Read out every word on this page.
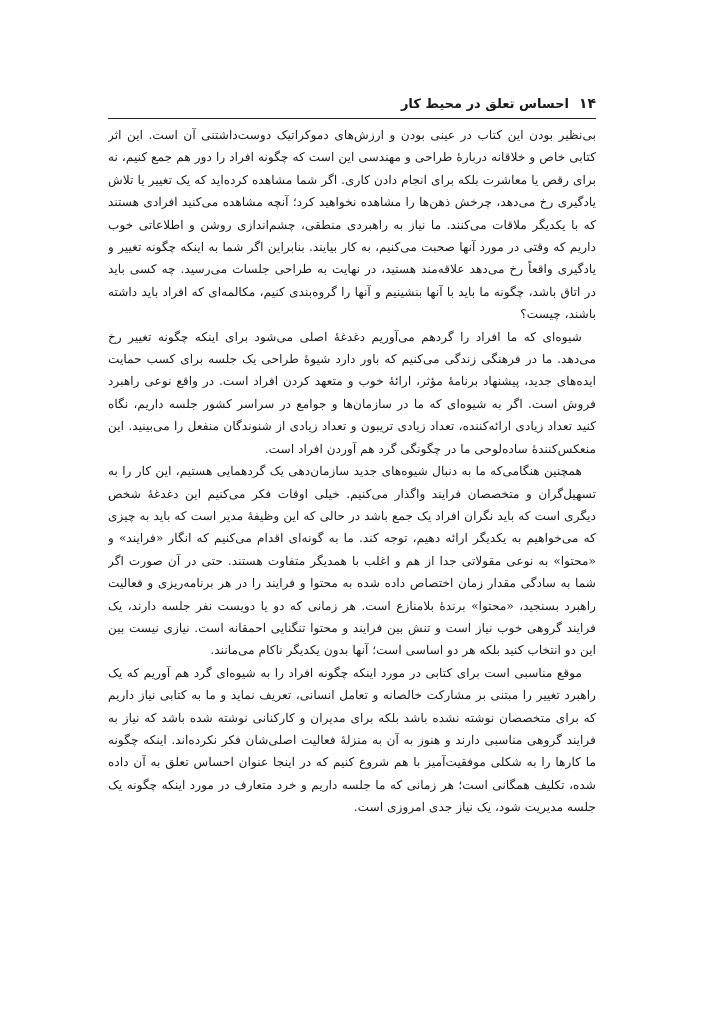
۱۴
احساس تعلق در محیط کار

بی‌نظیر بودن این کتاب در عینی بودن و ارزش‌های دموکراتیک دوست‌داشتنی آن است. این اثر کتابی خاص و خلاقانه دربارهٔ طراحی و مهندسی این است که چگونه افراد را دور هم جمع کنیم، نه برای رقص یا معاشرت بلکه برای انجام دادن کاری. اگر شما مشاهده کرده‌اید که یک تغییر یا تلاش یادگیری رخ می‌دهد، چرخش ذهن‌ها را مشاهده نخواهید کرد؛ آنچه مشاهده می‌کنید افرادی هستند که با یکدیگر ملاقات می‌کنند. ما نیاز به راهبردی منطقی، چشم‌اندازی روشن و اطلاعاتی خوب داریم که وقتی در مورد آنها صحبت می‌کنیم، به کار بیایند. بنابراین اگر شما به اینکه چگونه تغییر و یادگیری واقعاً رخ می‌دهد علاقه‌مند هستید، در نهایت به طراحی جلسات می‌رسید. چه کسی باید در اتاق باشد، چگونه ما باید با آنها بنشینیم و آنها را گروه‌بندی کنیم، مکالمه‌ای که افراد باید داشته باشند، چیست؟

شیوه‌ای که ما افراد را گردهم می‌آوریم دغدغهٔ اصلی می‌شود برای اینکه چگونه تغییر رخ می‌دهد. ما در فرهنگی زندگی می‌کنیم که باور دارد شیوهٔ طراحی یک جلسه برای کسب حمایت ایده‌های جدید، پیشنهاد برنامهٔ مؤثر، ارائهٔ خوب و متعهد کردن افراد است. در واقع نوعی راهبرد فروش است. اگر به شیوه‌ای که ما در سازمان‌ها و جوامع در سراسر کشور جلسه داریم، نگاه کنید تعداد زیادی ارائه‌کننده، تعداد زیادی تریبون و تعداد زیادی از شنوندگان منفعل را می‌بینید. این منعکس‌کنندهٔ ساده‌لوحی ما در چگونگی گرد هم آوردن افراد است.

همچنین هنگامی‌که ما به دنبال شیوه‌های جدید سازمان‌دهی یک گردهمایی هستیم، این کار را به تسهیل‌گران و متخصصان فرایند واگذار می‌کنیم. خیلی اوقات فکر می‌کنیم این دغدغهٔ شخص دیگری است که باید نگران افراد یک جمع باشد در حالی که این وظیفهٔ مدیر است که باید به چیزی که می‌خواهیم به یکدیگر ارائه دهیم، توجه کند. ما به گونه‌ای اقدام می‌کنیم که انگار «فرایند» و «محتوا» به نوعی مقولاتی جدا از هم و اغلب با همدیگر متفاوت هستند. حتی در آن صورت اگر شما به سادگی مقدار زمان اختصاص داده شده به محتوا و فرایند را در هر برنامه‌ریزی و فعالیت راهبرد بسنجید، «محتوا» برندهٔ بلامنازع است. هر زمانی که دو یا دویست نفر جلسه دارند، یک فرایند گروهی خوب نیاز است و تنش بین فرایند و محتوا تنگنایی احمقانه است. نیازی نیست بین این دو انتخاب کنید بلکه هر دو اساسی است؛ آنها بدون یکدیگر ناکام می‌مانند.

موقع مناسبی است برای کتابی در مورد اینکه چگونه افراد را به شیوه‌ای گرد هم آوریم که یک راهبرد تغییر را مبتنی بر مشارکت خالصانه و تعامل انسانی، تعریف نماید و ما به کتابی نیاز داریم که برای متخصصان نوشته نشده باشد بلکه برای مدیران و کارکنانی نوشته شده باشد که نیاز به فرایند گروهی مناسبی دارند و هنوز به آن به منزلهٔ فعالیت اصلی‌شان فکر نکرده‌اند. اینکه چگونه ما کارها را به شکلی موفقیت‌آمیز با هم شروع کنیم که در اینجا عنوان احساس تعلق به آن داده شده، تکلیف همگانی است؛ هر زمانی که ما جلسه داریم و خرد متعارف در مورد اینکه چگونه یک جلسه مدیریت شود، یک نیاز جدی امروزی است.
